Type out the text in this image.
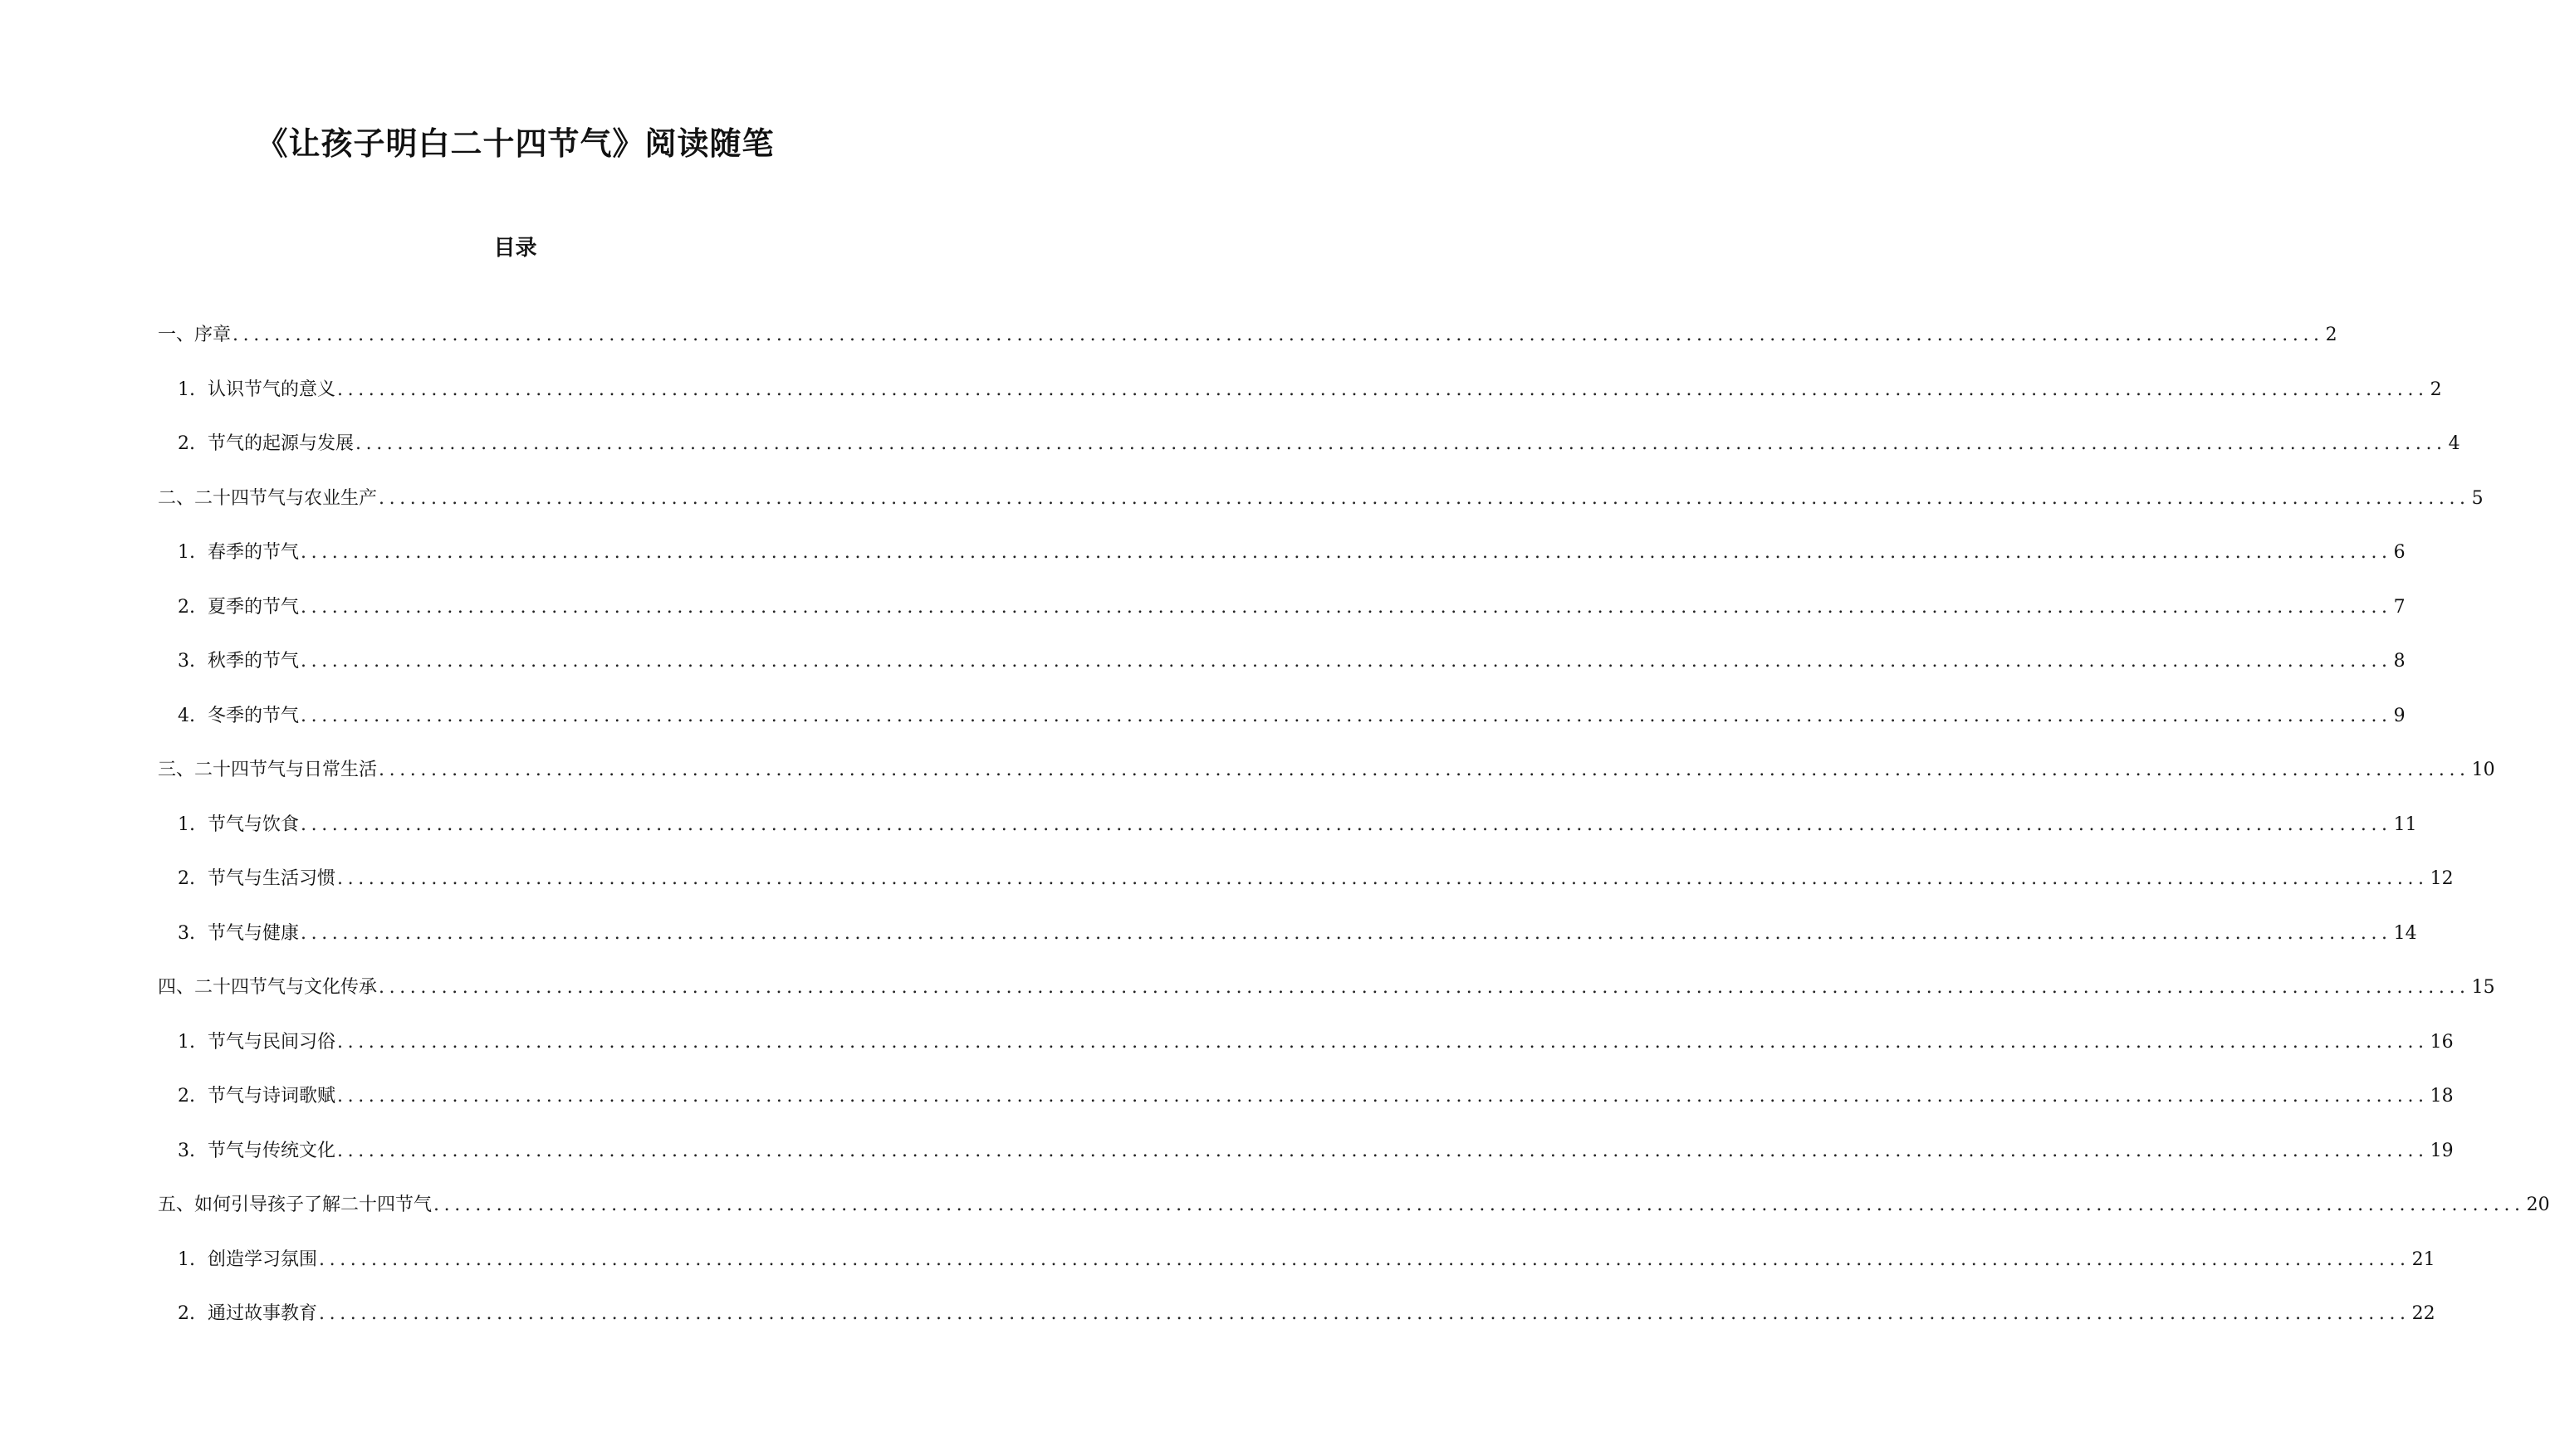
《让孩子明白二十四节气》阅读随笔
目录
一、序章 ........................................................................................................................................................................................................ 2
1. 认识节气的意义 ........................................................................................................................................................................................................ 2
2. 节气的起源与发展 ........................................................................................................................................................................................................ 4
二、二十四节气与农业生产 ........................................................................................................................................................................................................ 5
1. 春季的节气 ........................................................................................................................................................................................................ 6
2. 夏季的节气 ........................................................................................................................................................................................................ 7
3. 秋季的节气 ........................................................................................................................................................................................................ 8
4. 冬季的节气 ........................................................................................................................................................................................................ 9
三、二十四节气与日常生活 ........................................................................................................................................................................................................ 10
1. 节气与饮食 ........................................................................................................................................................................................................ 11
2. 节气与生活习惯 ........................................................................................................................................................................................................ 12
3. 节气与健康 ........................................................................................................................................................................................................ 14
四、二十四节气与文化传承 ........................................................................................................................................................................................................ 15
1. 节气与民间习俗 ........................................................................................................................................................................................................ 16
2. 节气与诗词歌赋 ........................................................................................................................................................................................................ 18
3. 节气与传统文化 ........................................................................................................................................................................................................ 19
五、如何引导孩子了解二十四节气 ........................................................................................................................................................................................................ 20
1. 创造学习氛围 ........................................................................................................................................................................................................ 21
2. 通过故事教育 ........................................................................................................................................................................................................ 22
